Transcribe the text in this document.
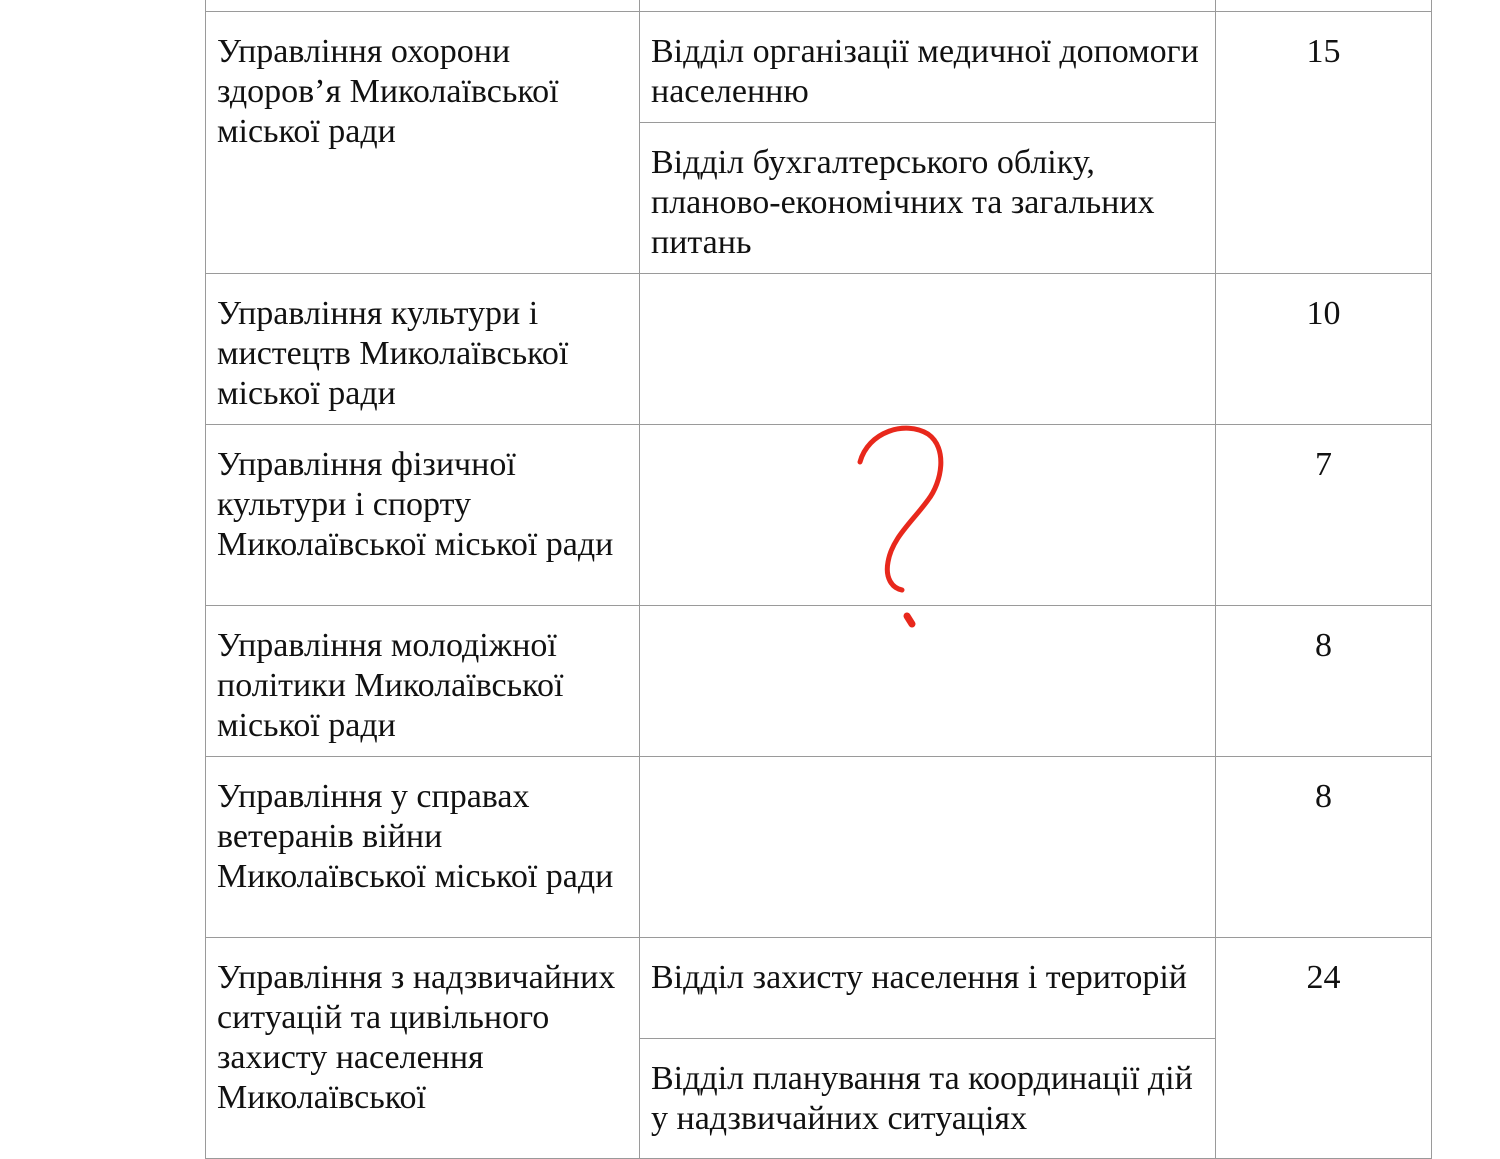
Управління охорони здоров’я Миколаївської міської ради	Відділ організації медичної допомоги населенню	15

	Відділ бухгалтерського обліку, планово-економічних та загальних питань	

Управління культури і мистецтв Миколаївської міської ради		10

Управління фізичної культури і спорту Миколаївської міської ради		7

Управління молодіжної політики Миколаївської міської ради		8

Управління у справах ветеранів війни Миколаївської міської ради		8

Управління з надзвичайних ситуацій та цивільного захисту населення Миколаївської	Відділ захисту населення і територій	24

	Відділ планування та координації дій у надзвичайних ситуаціях	
